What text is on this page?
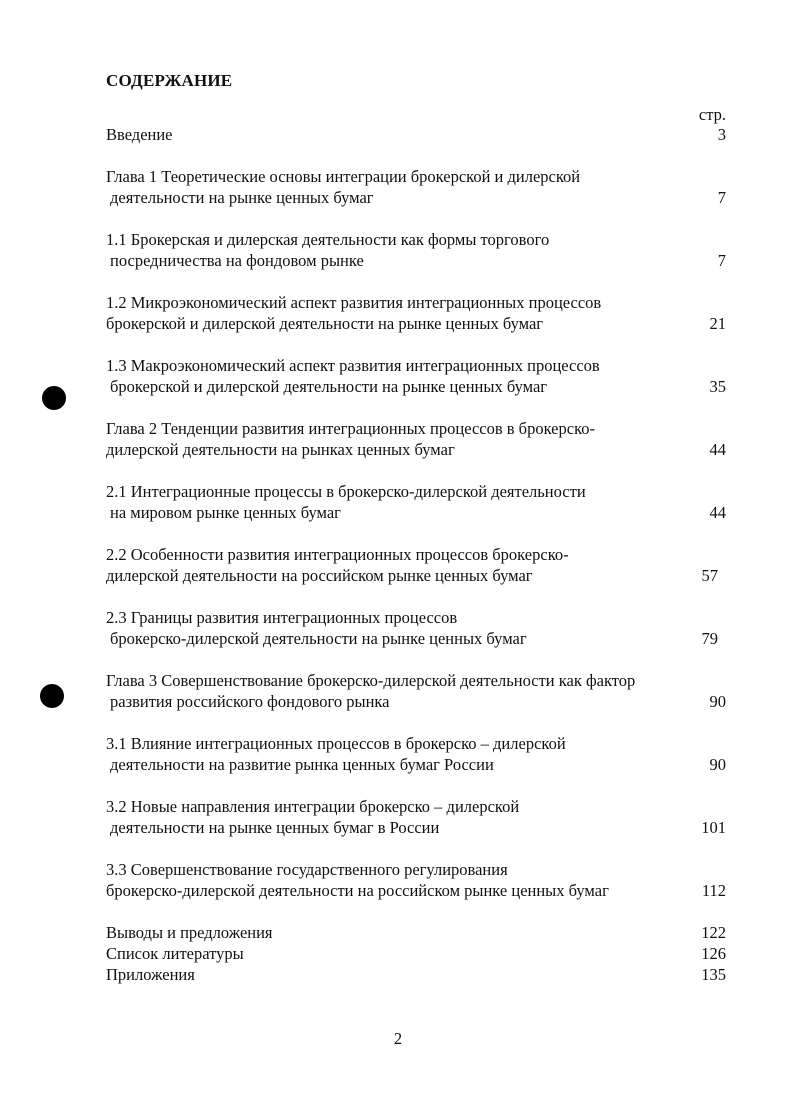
СОДЕРЖАНИЕ
стр.
Введение	3
Глава 1 Теоретические основы интеграции брокерской и дилерской
деятельности на рынке ценных бумаг	7
1.1 Брокерская и дилерская деятельности как формы торгового
посредничества на фондовом рынке	7
1.2 Микроэкономический аспект развития интеграционных процессов
брокерской и дилерской деятельности на рынке ценных бумаг	21
1.3 Макроэкономический аспект развития интеграционных процессов
брокерской и дилерской деятельности на рынке ценных бумаг	35
Глава 2 Тенденции развития интеграционных процессов в брокерско-
дилерской деятельности на рынках ценных бумаг	44
2.1 Интеграционные процессы в брокерско-дилерской деятельности
на мировом рынке ценных бумаг	44
2.2 Особенности развития интеграционных процессов брокерско-
дилерской деятельности на российском рынке ценных бумаг	57
2.3 Границы развития интеграционных процессов
брокерско-дилерской деятельности на рынке ценных бумаг	79
Глава 3 Совершенствование брокерско-дилерской деятельности как фактор
развития российского фондового рынка	90
3.1 Влияние интеграционных процессов в брокерско – дилерской
деятельности на развитие рынка ценных бумаг России	90
3.2 Новые направления интеграции брокерско – дилерской
деятельности на рынке ценных бумаг в России	101
3.3 Совершенствование государственного регулирования
брокерско-дилерской деятельности на российском рынке ценных бумаг	112
Выводы и предложения	122
Список литературы	126
Приложения	135
2
